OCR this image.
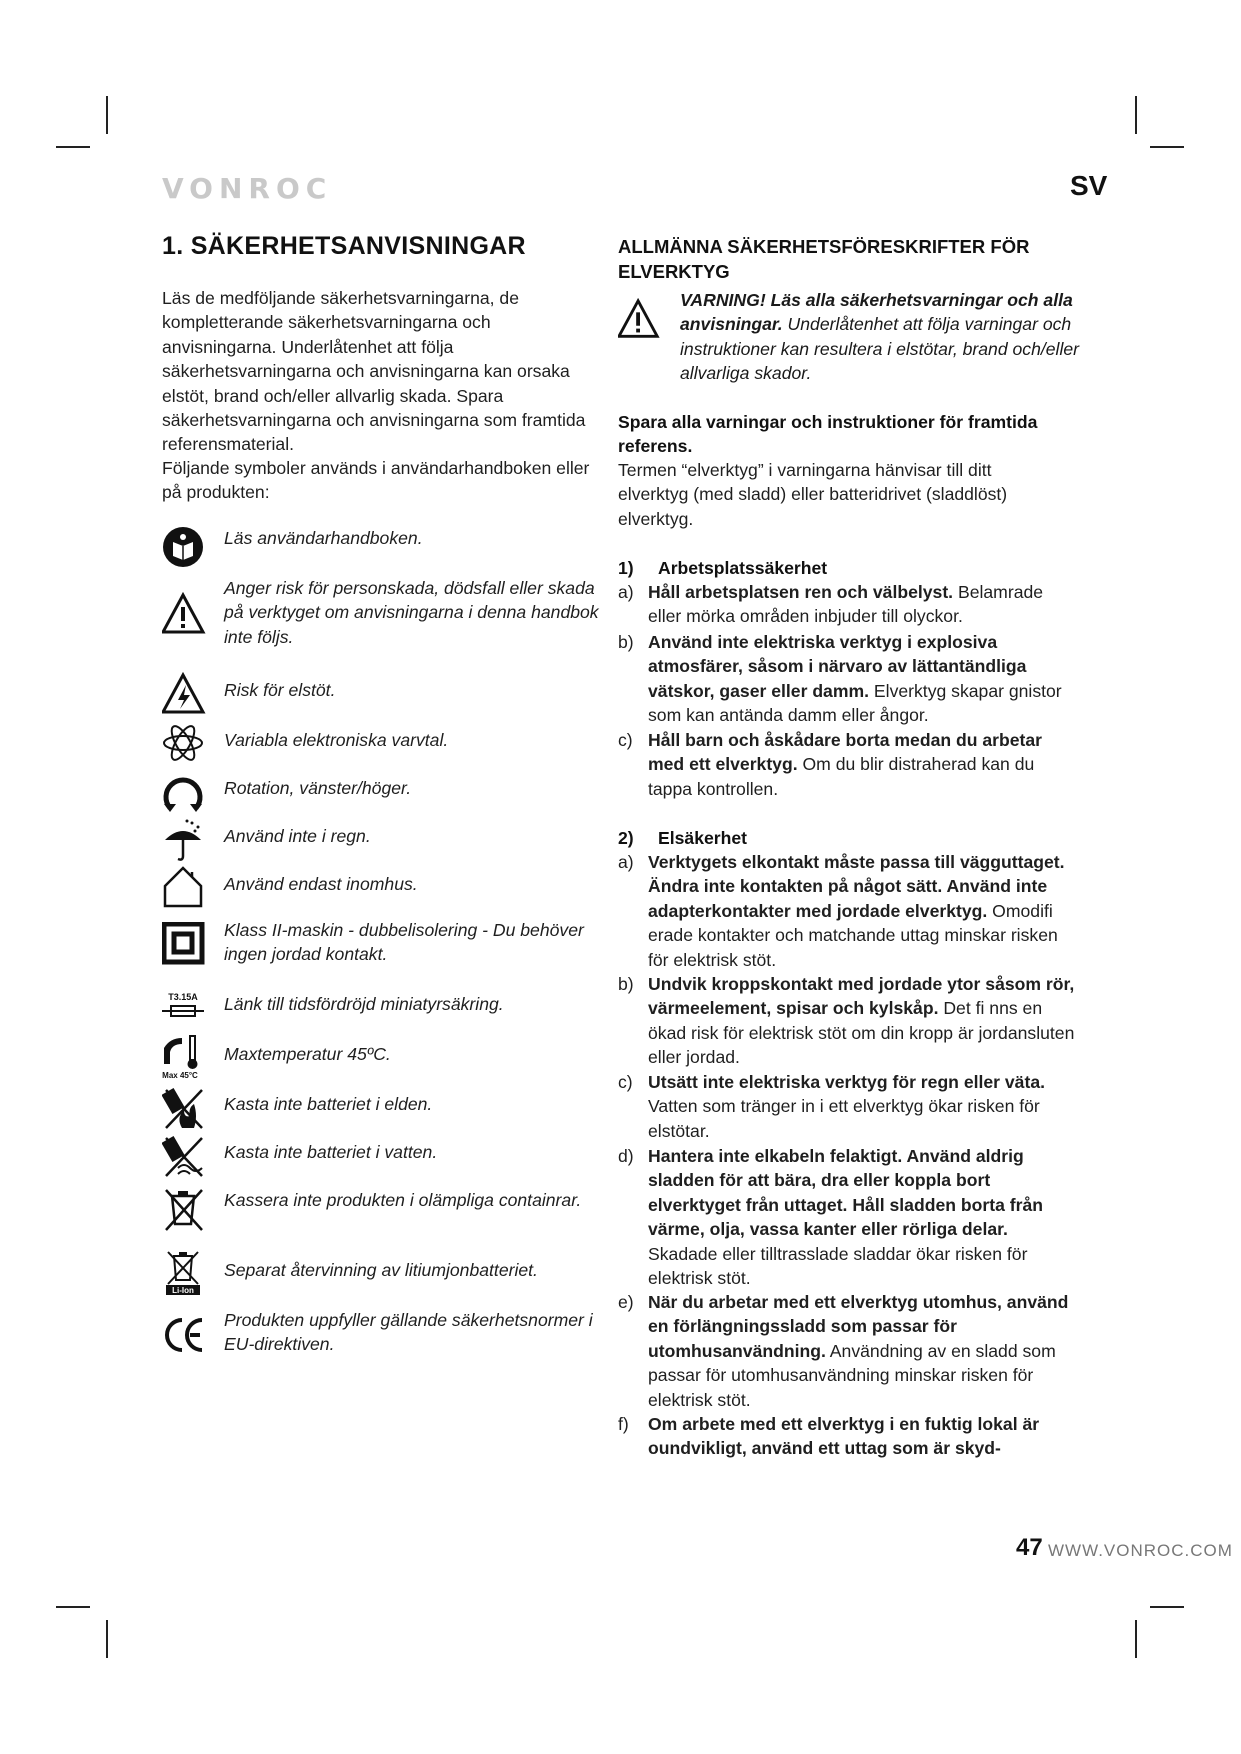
VONROC	SV
1. SÄKERHETSANVISNINGAR
Läs de medföljande säkerhetsvarningarna, de kompletterande säkerhetsvarningarna och anvisningarna. Underlåtenhet att följa säkerhetsvarningarna och anvisningarna kan orsaka elstöt, brand och/eller allvarlig skada. Spara säkerhetsvarningarna och anvisningarna som framtida referensmaterial.
Följande symboler används i användarhandboken eller på produkten:
Läs användarhandboken.
Anger risk för personskada, dödsfall eller skada på verktyget om anvisningarna i denna handbok inte följs.
Risk för elstöt.
Variabla elektroniska varvtal.
Rotation, vänster/höger.
Använd inte i regn.
Använd endast inomhus.
Klass II-maskin - dubbelisolering - Du behöver ingen jordad kontakt.
T3.15A Länk till tidsfördröjd miniatyrsäkring.
Max 45°C
Maxtemperatur 45ºC.
Kasta inte batteriet i elden.
Kasta inte batteriet i vatten.
Kassera inte produkten i olämpliga containrar.
Li-Ion
Separat återvinning av litiumjonbatteriet.
Produkten uppfyller gällande säkerhetsnormer i EU-direktiven.
ALLMÄNNA SÄKERHETSFÖRESKRIFTER FÖR ELVERKTYG
VARNING! Läs alla säkerhetsvarningar och alla anvisningar. Underlåtenhet att följa varningar och instruktioner kan resultera i elstötar, brand och/eller allvarliga skador.
Spara alla varningar och instruktioner för framtida referens.
Termen “elverktyg” i varningarna hänvisar till ditt elverktyg (med sladd) eller batteridrivet (sladdlöst) elverktyg.
1) Arbetsplatssäkerhet
a) Håll arbetsplatsen ren och välbelyst. Belamrade eller mörka områden inbjuder till olyckor.
b) Använd inte elektriska verktyg i explosiva atmosfärer, såsom i närvaro av lättantändliga vätskor, gaser eller damm. Elverktyg skapar gnistor som kan antända damm eller ångor.
c) Håll barn och åskådare borta medan du arbetar med ett elverktyg. Om du blir distraherad kan du tappa kontrollen.
2) Elsäkerhet
a) Verktygets elkontakt måste passa till vägguttaget. Ändra inte kontakten på något sätt. Använd inte adapterkontakter med jordade elverktyg. Omodifi erade kontakter och matchande uttag minskar risken för elektrisk stöt.
b) Undvik kroppskontakt med jordade ytor såsom rör, värmeelement, spisar och kylskåp. Det fi nns en ökad risk för elektrisk stöt om din kropp är jordansluten eller jordad.
c) Utsätt inte elektriska verktyg för regn eller väta. Vatten som tränger in i ett elverktyg ökar risken för elstötar.
d) Hantera inte elkabeln felaktigt. Använd aldrig sladden för att bära, dra eller koppla bort elverktyget från uttaget. Håll sladden borta från värme, olja, vassa kanter eller rörliga delar. Skadade eller tilltrasslade sladdar ökar risken för elektrisk stöt.
e) När du arbetar med ett elverktyg utomhus, använd en förlängningssladd som passar för utomhusanvändning. Användning av en sladd som passar för utomhusanvändning minskar risken för elektrisk stöt.
f)	Om arbete med ett elverktyg i en fuktig lokal är oundvikligt, använd ett uttag som är skyd-
47 WWW.VONROC.COM
